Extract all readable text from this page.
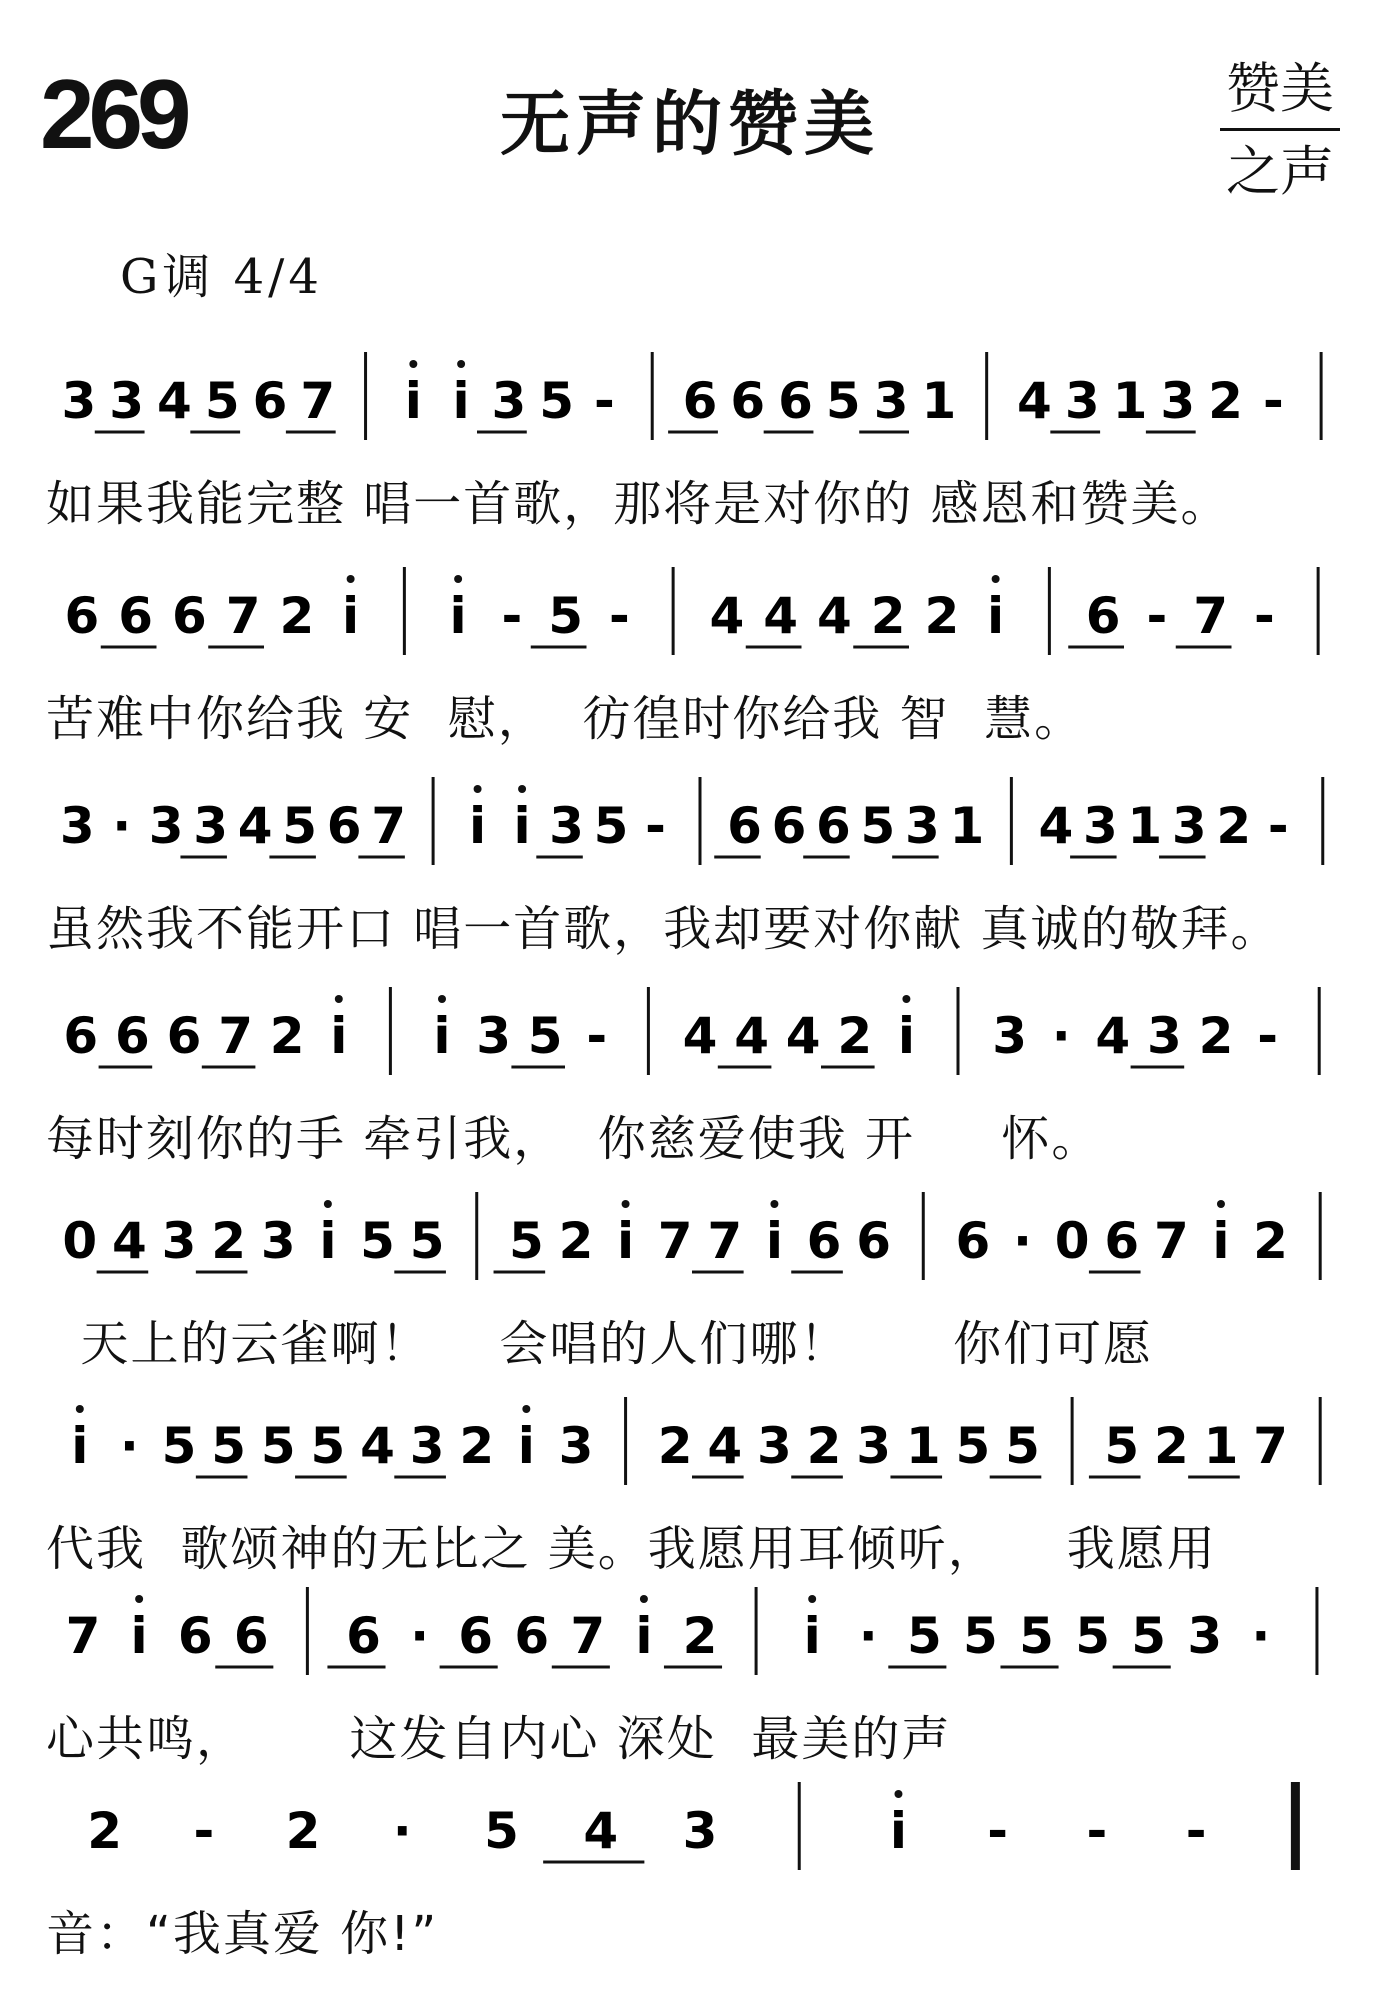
269	无声的赞美	赞美
之声
G调 4/4
3 3 4 5 6 7 i i 3 5 - 6 6 6 5 3 1 4 3 1 3 2 -
如果我能完整 唱一首歌，那将是对你的 感恩和赞美。
6 6 6 7 2 i i - 5 - 4 4 4 2 2 i 6 - 7 -
苦难中你给我 安  慰，  彷徨时你给我 智  慧。
3 · 3 3 4 5 6 7 i i 3 5 - 6 6 6 5 3 1 4 3 1 3 2 -
虽然我不能开口 唱一首歌，我却要对你献 真诚的敬拜。
6 6 6 7 2 i i 3 5 - 4 4 4 2 i 3 · 4 3 2 -
每时刻你的手 牵引我，  你慈爱使我 开     怀。
0 4 3 2 3 i 5 5 5 2 i 7 7 i 6 6 6 · 0 6 7 i 2
天上的云雀啊！    会唱的人们哪！      你们可愿
i · 5 5 5 5 4 3 2 i 3 2 4 3 2 3 1 5 5 5 2 1 7
代我  歌颂神的无比之 美。我愿用耳倾听，    我愿用
7 i 6 6 6 · 6 6 7 i 2 i · 5 5 5 5 5 3 ·
心共鸣，      这发自内心 深处  最美的声
2 - 2 · 5 4 3	i - - -
音：“我真爱 你!”
